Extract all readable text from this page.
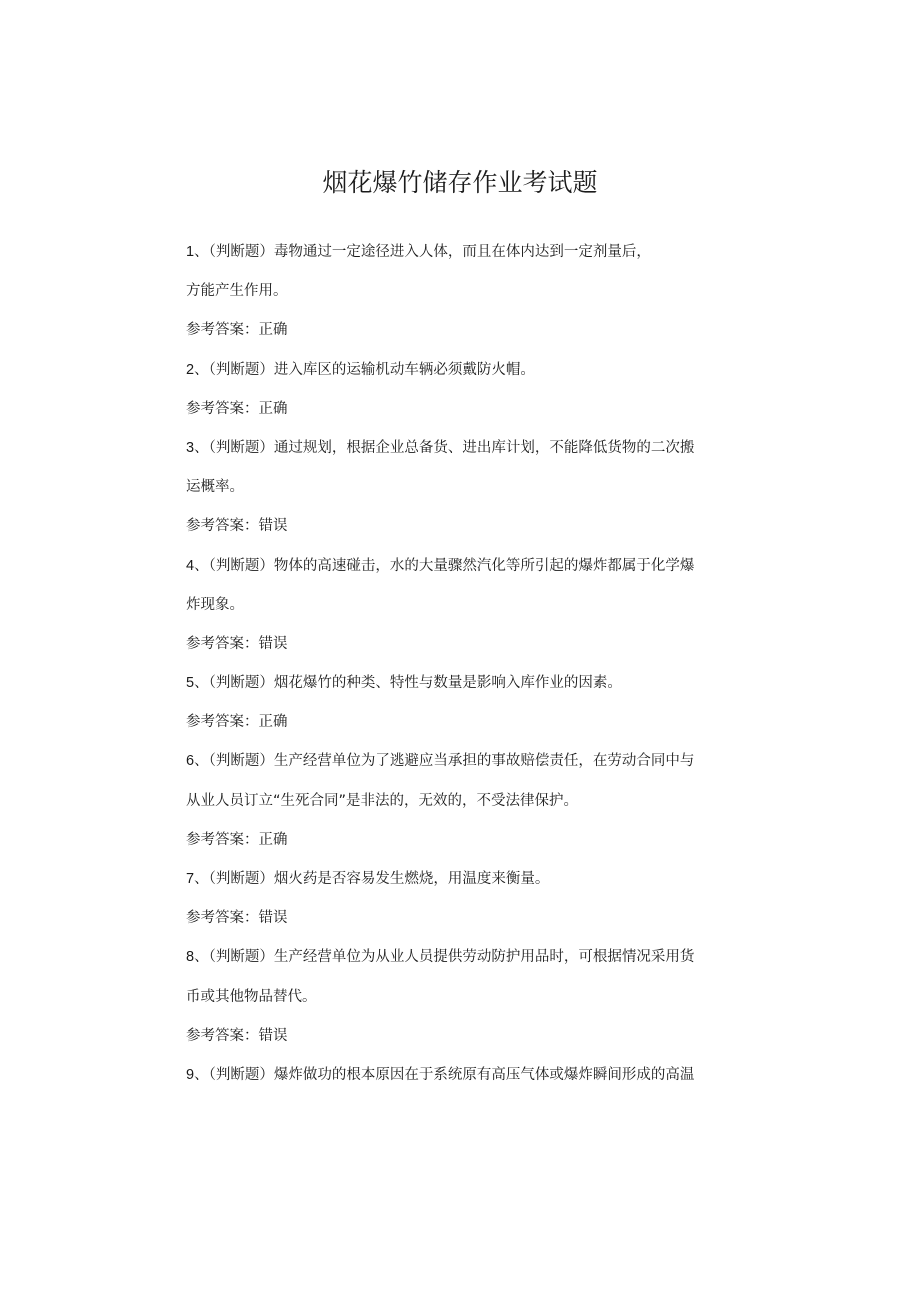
烟花爆竹储存作业考试题
1、（判断题）毒物通过一定途径进入人体，而且在体内达到一定剂量后，
方能产生作用。
参考答案：正确
2、（判断题）进入库区的运输机动车辆必须戴防火帽。
参考答案：正确
3、（判断题）通过规划，根据企业总备货、进出库计划，不能降低货物的二次搬
运概率。
参考答案：错误
4、（判断题）物体的高速碰击，水的大量骤然汽化等所引起的爆炸都属于化学爆
炸现象。
参考答案：错误
5、（判断题）烟花爆竹的种类、特性与数量是影响入库作业的因素。
参考答案：正确
6、（判断题）生产经营单位为了逃避应当承担的事故赔偿责任，在劳动合同中与
从业人员订立“生死合同”是非法的，无效的，不受法律保护。
参考答案：正确
7、（判断题）烟火药是否容易发生燃烧，用温度来衡量。
参考答案：错误
8、（判断题）生产经营单位为从业人员提供劳动防护用品时，可根据情况采用货
币或其他物品替代。
参考答案：错误
9、（判断题）爆炸做功的根本原因在于系统原有高压气体或爆炸瞬间形成的高温
